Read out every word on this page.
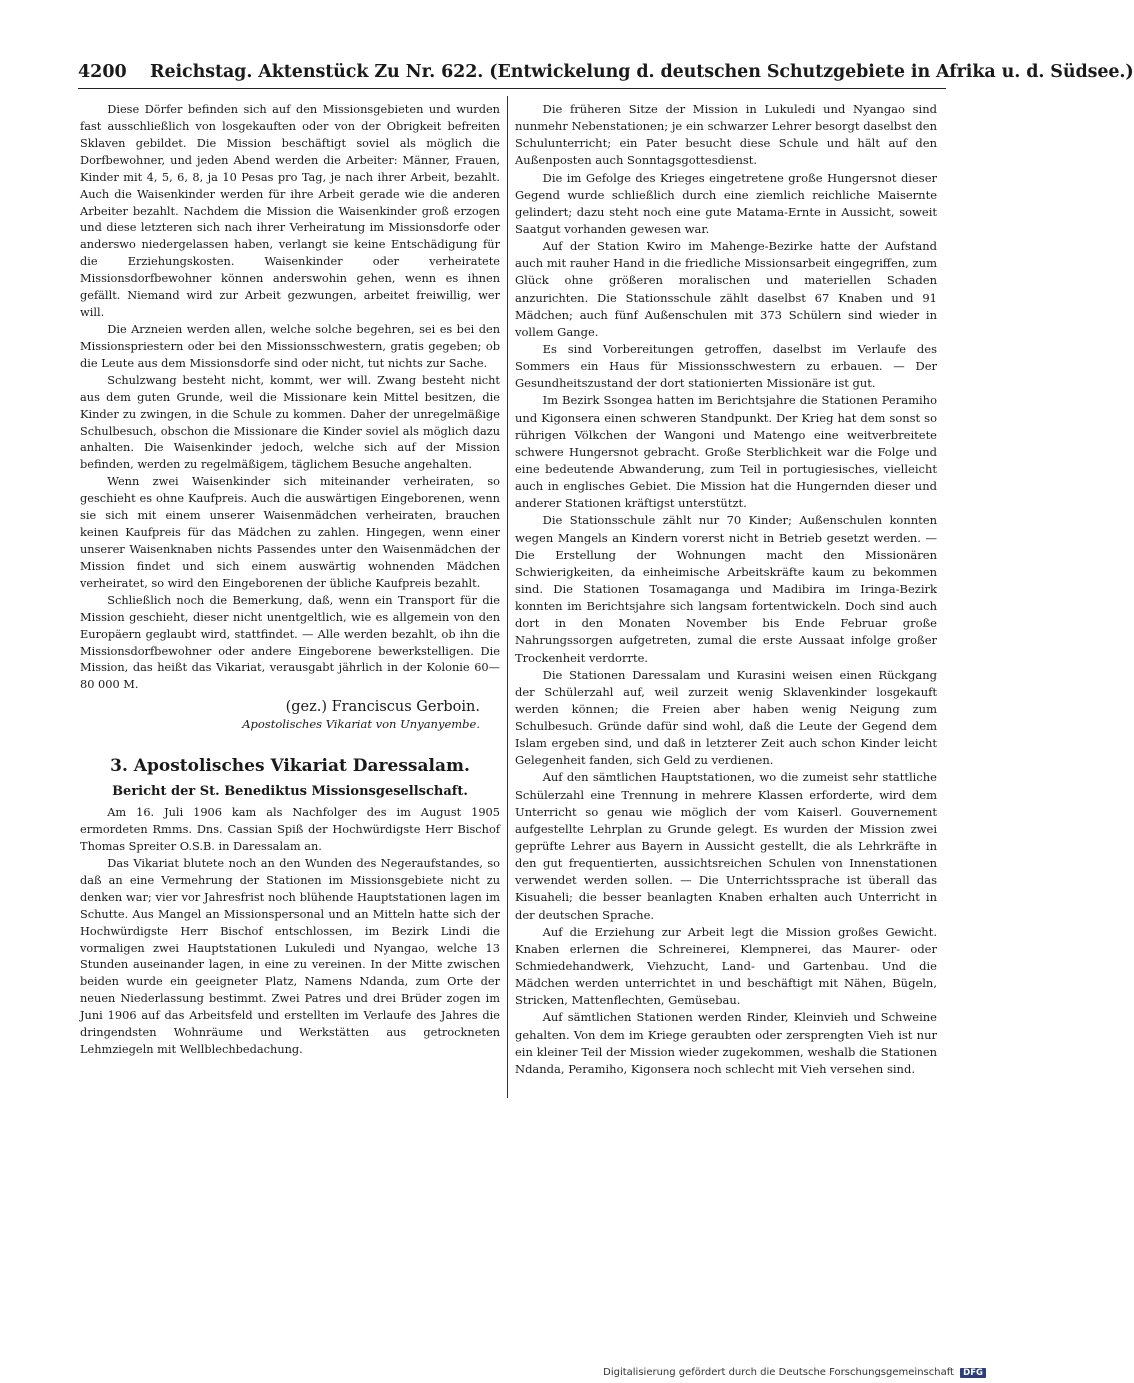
4200 Reichstag. Aktenstück Zu Nr. 622. (Entwickelung d. deutschen Schutzgebiete in Afrika u. d. Südsee.)

Diese Dörfer befinden sich auf den Missionsgebieten und wurden fast ausschließlich von losgekauften oder von der Obrigkeit befreiten Sklaven gebildet. Die Mission beschäftigt soviel als möglich die Dorfbewohner, und jeden Abend werden die Arbeiter: Männer, Frauen, Kinder mit 4, 5, 6, 8, ja 10 Pesas pro Tag, je nach ihrer Arbeit, bezahlt. Auch die Waisenkinder werden für ihre Arbeit gerade wie die anderen Arbeiter bezahlt. Nachdem die Mission die Waisenkinder groß erzogen und diese letzteren sich nach ihrer Verheiratung im Missionsdorfe oder anderswo niedergelassen haben, verlangt sie keine Entschädigung für die Erziehungskosten. Waisenkinder oder verheiratete Missionsdorfbewohner können anderswohin gehen, wenn es ihnen gefällt. Niemand wird zur Arbeit gezwungen, arbeitet freiwillig, wer will.

Die Arzneien werden allen, welche solche begehren, sei es bei den Missionspriestern oder bei den Missionsschwestern, gratis gegeben; ob die Leute aus dem Missionsdorfe sind oder nicht, tut nichts zur Sache.

Schulzwang besteht nicht, kommt, wer will. Zwang besteht nicht aus dem guten Grunde, weil die Missionare kein Mittel besitzen, die Kinder zu zwingen, in die Schule zu kommen. Daher der unregelmäßige Schulbesuch, obschon die Missionare die Kinder soviel als möglich dazu anhalten. Die Waisenkinder jedoch, welche sich auf der Mission befinden, werden zu regelmäßigem, täglichem Besuche angehalten.

Wenn zwei Waisenkinder sich miteinander verheiraten, so geschieht es ohne Kaufpreis. Auch die auswärtigen Eingeborenen, wenn sie sich mit einem unserer Waisenmädchen verheiraten, brauchen keinen Kaufpreis für das Mädchen zu zahlen. Hingegen, wenn einer unserer Waisenknaben nichts Passendes unter den Waisenmädchen der Mission findet und sich einem auswärtig wohnenden Mädchen verheiratet, so wird den Eingeborenen der übliche Kaufpreis bezahlt.

Schließlich noch die Bemerkung, daß, wenn ein Transport für die Mission geschieht, dieser nicht unentgeltlich, wie es allgemein von den Europäern geglaubt wird, stattfindet. — Alle werden bezahlt, ob ihn die Missionsdorfbewohner oder andere Eingeborene bewerkstelligen. Die Mission, das heißt das Vikariat, verausgabt jährlich in der Kolonie 60—80 000 M.

(gez.) Franciscus Gerboin.
Apostolisches Vikariat von Unyanyembe.
3. Apostolisches Vikariat Daressalam.
Bericht der St. Benediktus Missionsgesellschaft.

Am 16. Juli 1906 kam als Nachfolger des im August 1905 ermordeten Rmms. Dns. Cassian Spiß der Hochwürdigste Herr Bischof Thomas Spreiter O.S.B. in Daressalam an.

Das Vikariat blutete noch an den Wunden des Negeraufstandes, so daß an eine Vermehrung der Stationen im Missionsgebiete nicht zu denken war; vier vor Jahresfrist noch blühende Hauptstationen lagen im Schutte. Aus Mangel an Missionspersonal und an Mitteln hatte sich der Hochwürdigste Herr Bischof entschlossen, im Bezirk Lindi die vormaligen zwei Hauptstationen Lukuledi und Nyangao, welche 13 Stunden auseinander lagen, in eine zu vereinen. In der Mitte zwischen beiden wurde ein geeigneter Platz, Namens Ndanda, zum Orte der neuen Niederlassung bestimmt. Zwei Patres und drei Brüder zogen im Juni 1906 auf das Arbeitsfeld und erstellten im Verlaufe des Jahres die dringendsten Wohnräume und Werkstätten aus getrockneten Lehmziegeln mit Wellblechbedachung.

Die früheren Sitze der Mission in Lukuledi und Nyangao sind nunmehr Nebenstationen; je ein schwarzer Lehrer besorgt daselbst den Schulunterricht; ein Pater besucht diese Schule und hält auf den Außenposten auch Sonntagsgottesdienst.

Die im Gefolge des Krieges eingetretene große Hungersnot dieser Gegend wurde schließlich durch eine ziemlich reichliche Maisernte gelindert; dazu steht noch eine gute Matama-Ernte in Aussicht, soweit Saatgut vorhanden gewesen war.

Auf der Station Kwiro im Mahenge-Bezirke hatte der Aufstand auch mit rauher Hand in die friedliche Missionsarbeit eingegriffen, zum Glück ohne größeren moralischen und materiellen Schaden anzurichten. Die Stationsschule zählt daselbst 67 Knaben und 91 Mädchen; auch fünf Außenschulen mit 373 Schülern sind wieder in vollem Gange.

Es sind Vorbereitungen getroffen, daselbst im Verlaufe des Sommers ein Haus für Missionsschwestern zu erbauen. — Der Gesundheitszustand der dort stationierten Missionäre ist gut.

Im Bezirk Ssongea hatten im Berichtsjahre die Stationen Peramiho und Kigonsera einen schweren Standpunkt. Der Krieg hat dem sonst so rührigen Völkchen der Wangoni und Matengo eine weitverbreitete schwere Hungersnot gebracht. Große Sterblichkeit war die Folge und eine bedeutende Abwanderung, zum Teil in portugiesisches, vielleicht auch in englisches Gebiet. Die Mission hat die Hungernden dieser und anderer Stationen kräftigst unterstützt.

Die Stationsschule zählt nur 70 Kinder; Außenschulen konnten wegen Mangels an Kindern vorerst nicht in Betrieb gesetzt werden. — Die Erstellung der Wohnungen macht den Missionären Schwierigkeiten, da einheimische Arbeitskräfte kaum zu bekommen sind. Die Stationen Tosamaganga und Madibira im Iringa-Bezirk konnten im Berichtsjahre sich langsam fortentwickeln. Doch sind auch dort in den Monaten November bis Ende Februar große Nahrungssorgen aufgetreten, zumal die erste Aussaat infolge großer Trockenheit verdorrte.

Die Stationen Daressalam und Kurasini weisen einen Rückgang der Schülerzahl auf, weil zurzeit wenig Sklavenkinder losgekauft werden können; die Freien aber haben wenig Neigung zum Schulbesuch. Gründe dafür sind wohl, daß die Leute der Gegend dem Islam ergeben sind, und daß in letzterer Zeit auch schon Kinder leicht Gelegenheit fanden, sich Geld zu verdienen.

Auf den sämtlichen Hauptstationen, wo die zumeist sehr stattliche Schülerzahl eine Trennung in mehrere Klassen erforderte, wird dem Unterricht so genau wie möglich der vom Kaiserl. Gouvernement aufgestellte Lehrplan zu Grunde gelegt. Es wurden der Mission zwei geprüfte Lehrer aus Bayern in Aussicht gestellt, die als Lehrkräfte in den gut frequentierten, aussichtsreichen Schulen von Innenstationen verwendet werden sollen. — Die Unterrichtssprache ist überall das Kisuaheli; die besser beanlagten Knaben erhalten auch Unterricht in der deutschen Sprache.

Auf die Erziehung zur Arbeit legt die Mission großes Gewicht. Knaben erlernen die Schreinerei, Klempnerei, das Maurer- oder Schmiedehandwerk, Viehzucht, Land- und Gartenbau. Und die Mädchen werden unterrichtet in und beschäftigt mit Nähen, Bügeln, Stricken, Mattenflechten, Gemüsebau.

Auf sämtlichen Stationen werden Rinder, Kleinvieh und Schweine gehalten. Von dem im Kriege geraubten oder zersprengten Vieh ist nur ein kleiner Teil der Mission wieder zugekommen, weshalb die Stationen Ndanda, Peramiho, Kigonsera noch schlecht mit Vieh versehen sind.

Digitalisierung gefördert durch die Deutsche Forschungsgemeinschaft DFG
